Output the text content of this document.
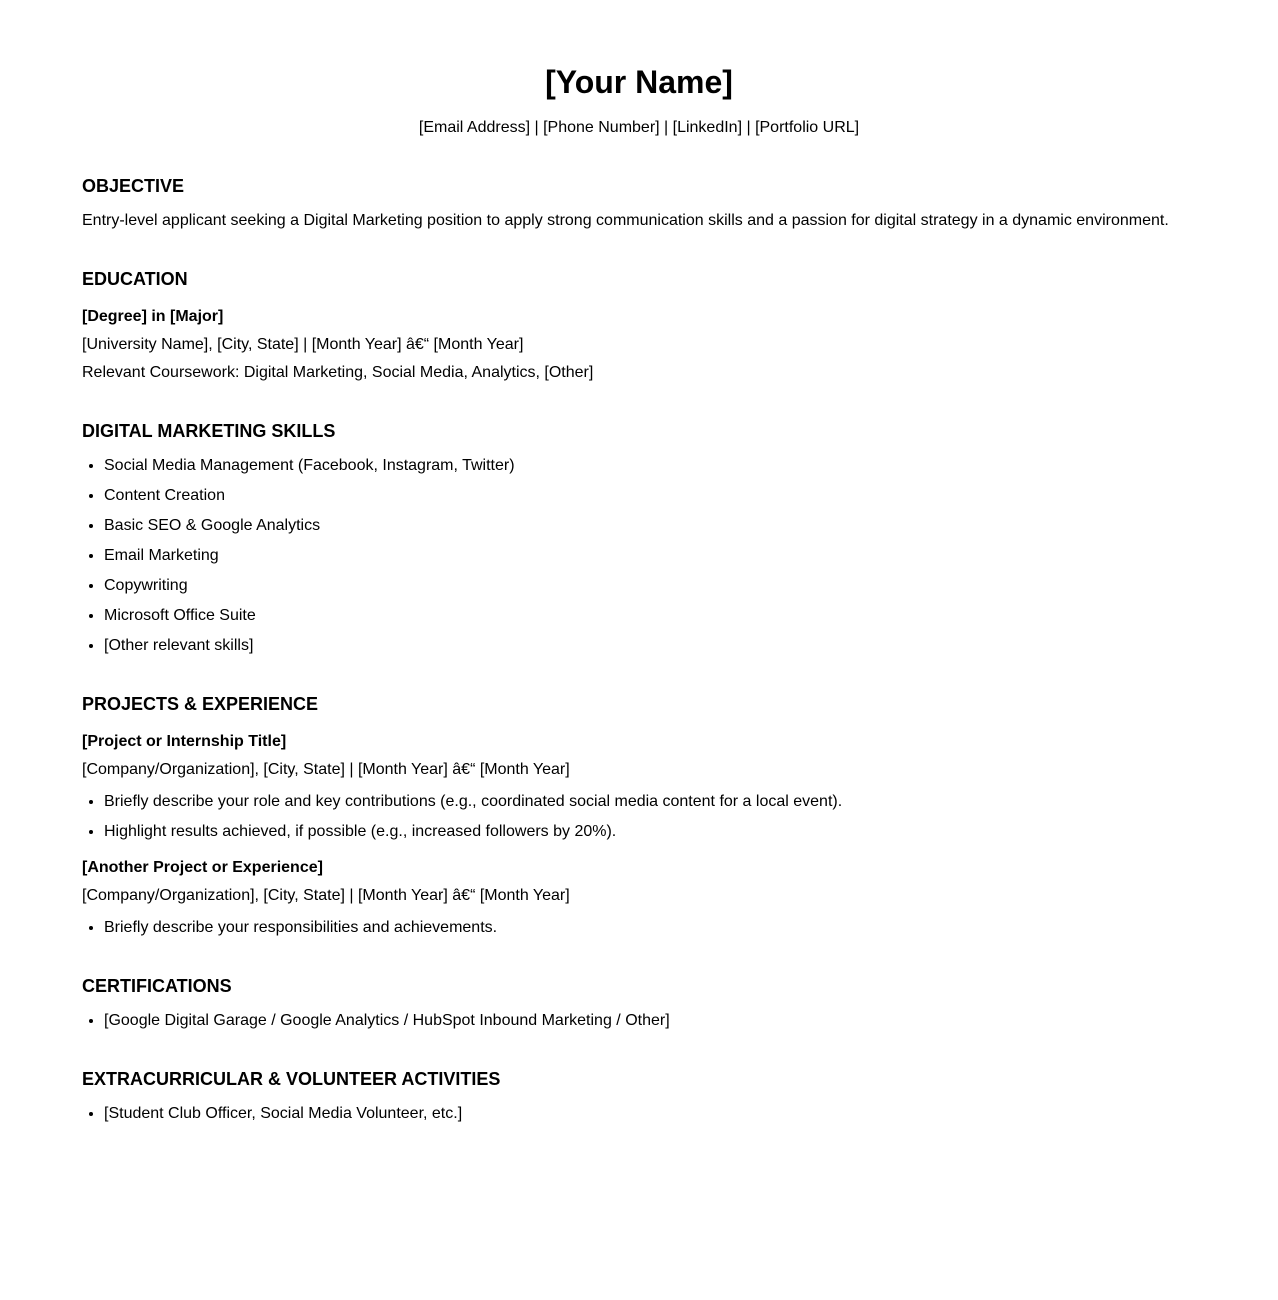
[Your Name]

[Email Address] | [Phone Number] | [LinkedIn] | [Portfolio URL]

OBJECTIVE

Entry-level applicant seeking a Digital Marketing position to apply strong communication skills and a passion for digital strategy in a dynamic environment.

EDUCATION
[Degree] in [Major]

[University Name], [City, State] | [Month Year] â€“ [Month Year]

Relevant Coursework: Digital Marketing, Social Media, Analytics, [Other]

DIGITAL MARKETING SKILLS
• Social Media Management (Facebook, Instagram, Twitter)
• Content Creation
• Basic SEO & Google Analytics
• Email Marketing
• Copywriting
• Microsoft Office Suite
• [Other relevant skills]
PROJECTS & EXPERIENCE
[Project or Internship Title]

[Company/Organization], [City, State] | [Month Year] â€“ [Month Year]

• Briefly describe your role and key contributions (e.g., coordinated social media content for a local event).
• Highlight results achieved, if possible (e.g., increased followers by 20%).
[Another Project or Experience]

[Company/Organization], [City, State] | [Month Year] â€“ [Month Year]

• Briefly describe your responsibilities and achievements.
CERTIFICATIONS
• [Google Digital Garage / Google Analytics / HubSpot Inbound Marketing / Other]
EXTRACURRICULAR & VOLUNTEER ACTIVITIES
• [Student Club Officer, Social Media Volunteer, etc.]
